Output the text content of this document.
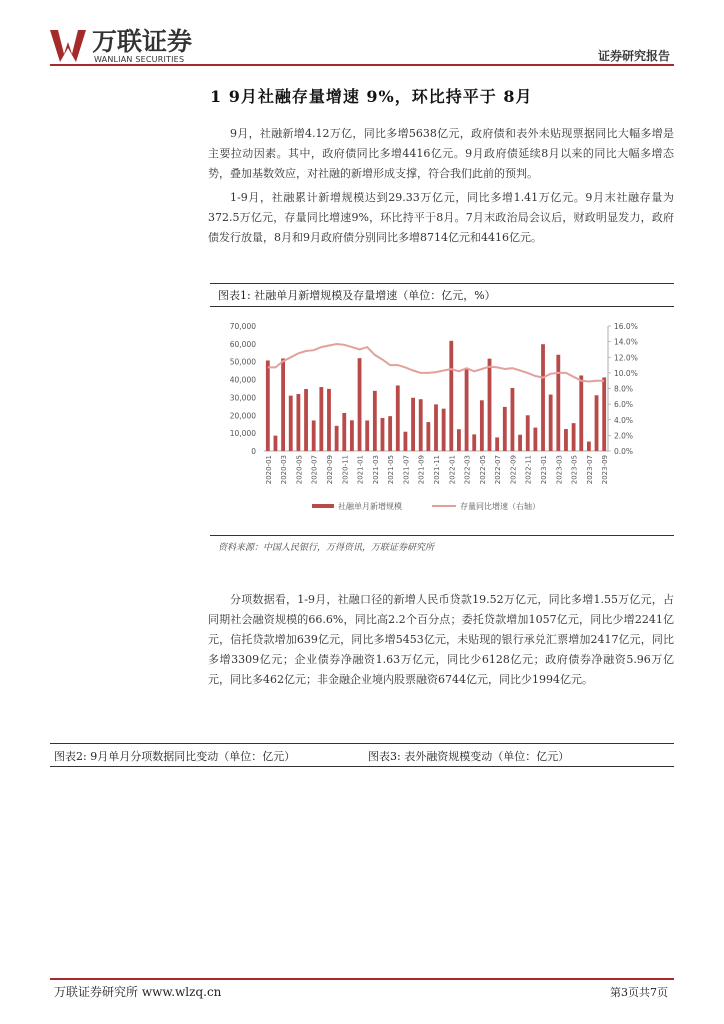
万联证券
WANLIAN SECURITIES	证券研究报告
1 9月社融存量增速 9%，环比持平于 8月

9月，社融新增4.12万亿，同比多增5638亿元，政府债和表外未贴现票据同比大幅多增是主要拉动因素。其中，政府债同比多增4416亿元。9月政府债延续8月以来的同比大幅多增态势，叠加基数效应，对社融的新增形成支撑，符合我们此前的预判。

1-9月，社融累计新增规模达到29.33万亿元，同比多增1.41万亿元。9月末社融存量为372.5万亿元，存量同比增速9%，环比持平于8月。7月末政治局会议后，财政明显发力，政府债发行放量，8月和9月政府债分别同比多增8714亿元和4416亿元。

图表1: 社融单月新增规模及存量增速（单位：亿元，%）
0
10,000
20,000
30,000
40,000
50,000
60,000
70,000
0.0%
2.0%
4.0%
6.0%
8.0%
10.0%
12.0%
14.0%
16.0%
2020-01 2020-03 2020-05 2020-07 2020-09 2020-11 2021-01 2021-03 2021-05 2021-07 2021-09 2021-11 2022-01 2022-03 2022-05 2022-07 2022-09 2022-11 2023-01 2023-03 2023-05 2023-07 2023-09
社融单月新增规模	存量同比增速（右轴）
资料来源：中国人民银行，万得资讯，万联证券研究所

分项数据看，1-9月，社融口径的新增人民币贷款19.52万亿元，同比多增1.55万亿元，占同期社会融资规模的66.6%，同比高2.2个百分点；委托贷款增加1057亿元，同比少增2241亿元，信托贷款增加639亿元，同比多增5453亿元，未贴现的银行承兑汇票增加2417亿元，同比多增3309亿元；企业债券净融资1.63万亿元，同比少6128亿元；政府债券净融资5.96万亿元，同比多462亿元；非金融企业境内股票融资6744亿元，同比少1994亿元。

图表2: 9月单月分项数据同比变动（单位：亿元）	图表3: 表外融资规模变动（单位：亿元）
万联证券研究所 www.wlzq.cn	第3页共7页
